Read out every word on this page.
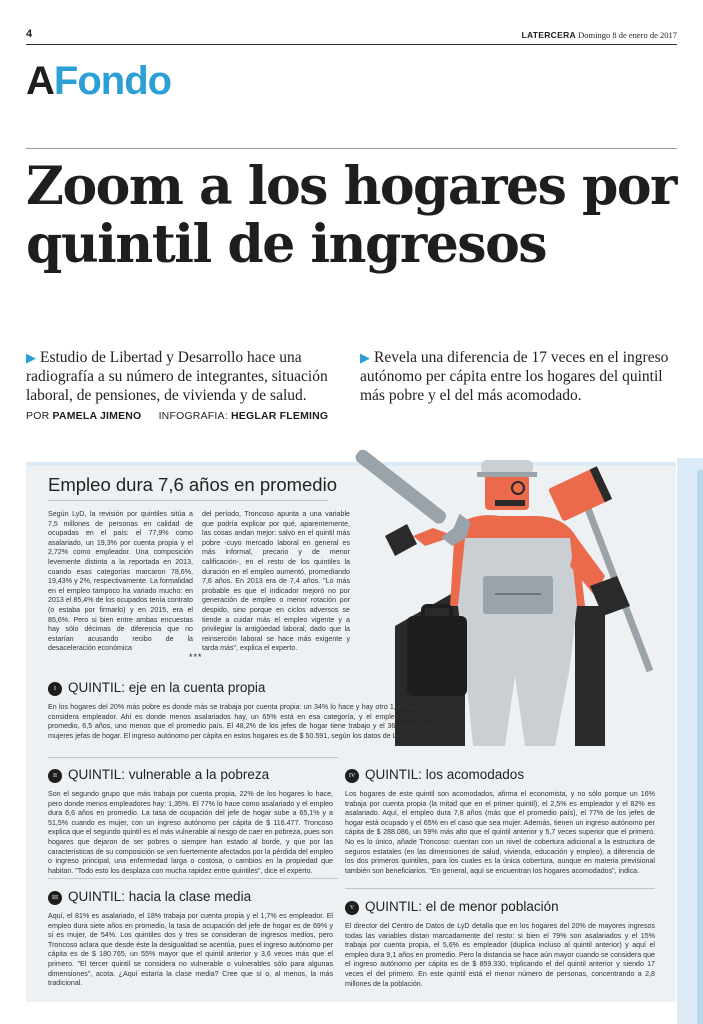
4	LATERCERA Domingo 8 de enero de 2017
AFondo
Zoom a los hogares por quintil de ingresos
▶ Estudio de Libertad y Desarrollo hace una radiografía a su número de integrantes, situación laboral, de pensiones, de vivienda y de salud.
▶ Revela una diferencia de 17 veces en el ingreso autónomo per cápita entre los hogares del quintil más pobre y el del más acomodado.
POR PAMELA JIMENO INFOGRAFIA: HEGLAR FLEMING
Empleo dura 7,6 años en promedio
Según LyD, la revisión por quintiles sitúa a 7,5 millones de personas en calidad de ocupadas en el país: el 77,9% como asalariado, un 19,3% por cuenta propia y el 2,72% como empleador. Una composición levemente distinta a la reportada en 2013, cuando esas categorías marcaron 78,6%, 19,43% y 2%, respectivamente. La formalidad en el empleo tampoco ha variado mucho: en 2013 el 85,4% de los ocupados tenía contrato (o estaba por firmarlo) y en 2015, era el 85,6%. Pero si bien entre ambas encuestas hay sólo décimas de diferencia que no estarían acusando recibo de la desaceleración económica
del período, Troncoso apunta a una variable que podría explicar por qué, aparentemente, las cosas andan mejor: salvo en el quintil más pobre -cuyo mercado laboral en general es más informal, precario y de menor calificación-, en el resto de los quintiles la duración en el empleo aumentó, promediando 7,6 años. En 2013 era de 7,4 años. "Lo más probable es que el indicador mejoró no por generación de empleo o menor rotación por despido, sino porque en ciclos adversos se tiende a cuidar más el empleo vigente y a privilegiar la antigüedad laboral, dado que la reinserción laboral se hace más exigente y tarda más", explica el experto.
***
I QUINTIL: eje en la cuenta propia
En los hogares del 20% más pobre es donde más se trabaja por cuenta propia: un 34% lo hace y hay otro 1,6% que se considera empleador. Ahí es donde menos asalariados hay, un 65% está en esa categoría, y el empleo dura, en promedio, 6,5 años, uno menos que el promedio país. El 48,2% de los jefes de hogar tiene trabajo y el 36,6% de las mujeres jefas de hogar. El ingreso autónomo per cápita en estos hogares es de $ 50.591, según los datos de LyD.
II QUINTIL: vulnerable a la pobreza
Son el segundo grupo que más trabaja por cuenta propia, 22% de los hogares lo hace, pero donde menos empleadores hay: 1,35%. El 77% lo hace como asalariado y el empleo dura 6,6 años en promedio. La tasa de ocupación del jefe de hogar sube a 65,1% y a 51,5% cuando es mujer, con un ingreso autónomo per cápita de $ 116.477. Troncoso explica que el segundo quintil es el más vulnerable al riesgo de caer en pobreza, pues son hogares que dejaron de ser pobres o siempre han estado al borde, y que por las características de su composición se ven fuertemente afectados por la pérdida del empleo o ingreso principal, una enfermedad larga o costosa, o cambios en la propiedad que habitan. "Todo esto los desplaza con mucha rapidez entre quintiles", dice el experto.
III QUINTIL: hacia la clase media
Aquí, el 81% es asalariado, el 18% trabaja por cuenta propia y el 1,7% es empleador. El empleo dura siete años en promedio, la tasa de ocupación del jefe de hogar es de 69% y si es mujer, de 54%. Los quintiles dos y tres se consideran de ingresos medios, pero Troncoso aclara que desde éste la desigualdad se acentúa, pues el ingreso autónomo per cápita es de $ 180.765, un 55% mayor que el quintil anterior y 3,6 veces más que el primero. "El tercer quintil se considera no vulnerable o vulnerables sólo para algunas dimensiones", acota. ¿Aquí estaría la clase media? Cree que sí o, al menos, la más tradicional.
IV QUINTIL: los acomodados
Los hogares de este quintil son acomodados, afirma el economista, y no sólo porque un 16% trabaja por cuenta propia (la mitad que en el primer quintil), el 2,5% es empleador y el 82% es asalariado. Aquí, el empleo dura 7,8 años (más que el promedio país), el 77% de los jefes de hogar está ocupado y el 65% en el caso que sea mujer. Además, tienen un ingreso autónomo per cápita de $ 288.086, un 59% más alto que el quintil anterior y 5,7 veces superior que el primero. No es lo único, añade Troncoso: cuentan con un nivel de cobertura adicional a la estructura de seguros estatales (en las dimensiones de salud, vivienda, educación y empleo), a diferencia de los dos primeros quintiles, para los cuales es la única cobertura, aunque en materia previsional también son beneficiarios. "En general, aquí se encuentran los hogares acomodados", indica.
V QUINTIL: el de menor población
El director del Centro de Datos de LyD detalla que en los hogares del 20% de mayores ingresos todas las variables distan marcadamente del resto: si bien el 79% son asalariados y el 15% trabaja por cuenta propia, el 5,6% es empleador (duplica incluso al quintil anterior) y aquí el empleo dura 9,1 años en promedio. Pero la distancia se hace aún mayor cuando se considera que el ingreso autónomo per cápita es de $ 859.330, triplicando el del quintil anterior y siendo 17 veces el del primero. En este quintil está el menor número de personas, concentrando a 2,8 millones de la población.
